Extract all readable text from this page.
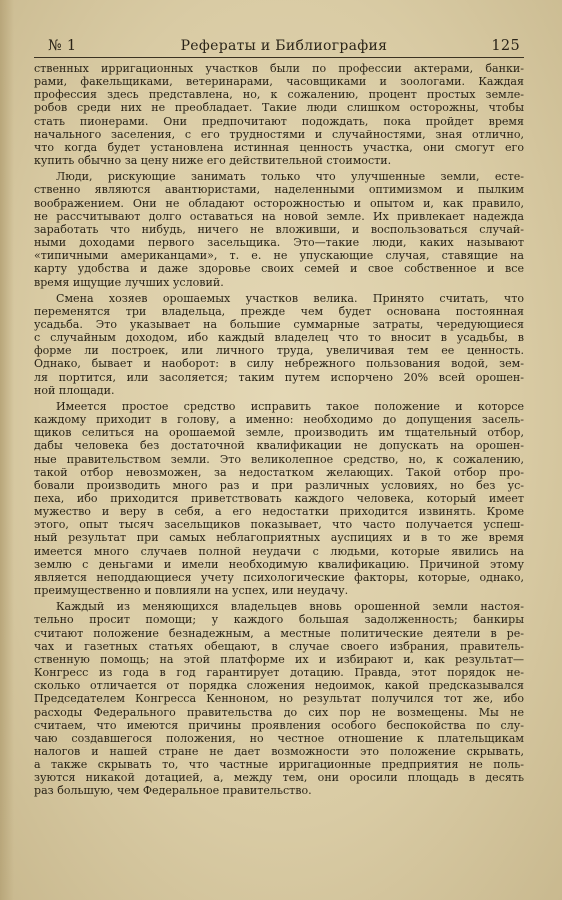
№ 1	Рефераты и Библиография	125
ственных ирригационных участков были по профессии актерами, банки-
рами, факельщиками, ветеринарами, часовщиками и зоологами. Каждая
профессия здесь представлена, но, к сожалению, процент простых земле-
робов среди них не преобладает. Такие люди слишком осторожны, чтобы
стать пионерами. Они предпочитают подождать, пока пройдет время
начального заселения, с его трудностями и случайностями, зная отлично,
что когда будет установлена истинная ценность участка, они смогут его
купить обычно за цену ниже его действительной стоимости.
Люди, рискующие занимать только что улучшенные земли, есте-
ственно являются авантюристами, наделенными оптимизмом и пылким
воображением. Они не обладают осторожностью и опытом и, как правило,
не рассчитывают долго оставаться на новой земле. Их привлекает надежда
заработать что нибудь, ничего не вложивши, и воспользоваться случай-
ными доходами первого засельщика. Это—такие люди, каких называют
«типичными американцами», т. е. не упускающие случая, ставящие на
карту удобства и даже здоровье своих семей и свое собственное и все
время ищущие лучших условий.
Смена хозяев орошаемых участков велика. Принято считать, что
переменятся три владельца, прежде чем будет основана постоянная
усадьба. Это указывает на большие суммарные затраты, чередующиеся
с случайным доходом, ибо каждый владелец что то вносит в усадьбы, в
форме ли построек, или личного труда, увеличивая тем ее ценность.
Однако, бывает и наоборот: в силу небрежного пользования водой, зем-
ля портится, или засоляется; таким путем испорчено 20% всей орошен-
ной площади.
Имеется простое средство исправить такое положение и которсе
каждому приходит в голову, а именно: необходимо до допущения засель-
щиков селиться на орошаемой земле, производить им тщательный отбор,
дабы человека без достаточной квалификации не допускать на орошен-
ные правительством земли. Это великолепное средство, но, к сожалению,
такой отбор невозможен, за недостатком желающих. Такой отбор про-
бовали производить много раз и при различных условиях, но без ус-
пеха, ибо приходится приветствовать каждого человека, который имеет
мужество и веру в себя, а его недостатки приходится извинять. Кроме
этого, опыт тысяч засельщиков показывает, что часто получается успеш-
ный результат при самых неблагоприятных ауспициях и в то же время
имеется много случаев полной неудачи с людьми, которые явились на
землю с деньгами и имели необходимую квалификацию. Причиной этому
является неподдающиеся учету психологические факторы, которые, однако,
преимущественно и повлияли на успех, или неудачу.
Каждый из меняющихся владельцев вновь орошенной земли настоя-
тельно просит помощи; у каждого большая задолженность; банкиры
считают положение безнадежным, а местные политические деятели в ре-
чах и газетных статьях обещают, в случае своего избрания, правитель-
ственную помощь; на этой платформе их и избирают и, как результат—
Конгресс из года в год гарантирует дотацию. Правда, этот порядок не-
сколько отличается от порядка сложения недоимок, какой предсказывался
Председателем Конгресса Кенноном, но результат получился тот же, ибо
расходы Федерального правительства до сих пор не возмещены. Мы не
считаем, что имеются причины проявления особого беспокойства по слу-
чаю создавшегося положения, но честное отношение к плательщикам
налогов и нашей стране не дает возможности это положение скрывать,
а также скрывать то, что частные ирригационные предприятия не поль-
зуются никакой дотацией, а, между тем, они оросили площадь в десять
раз большую, чем Федеральное правительство.
